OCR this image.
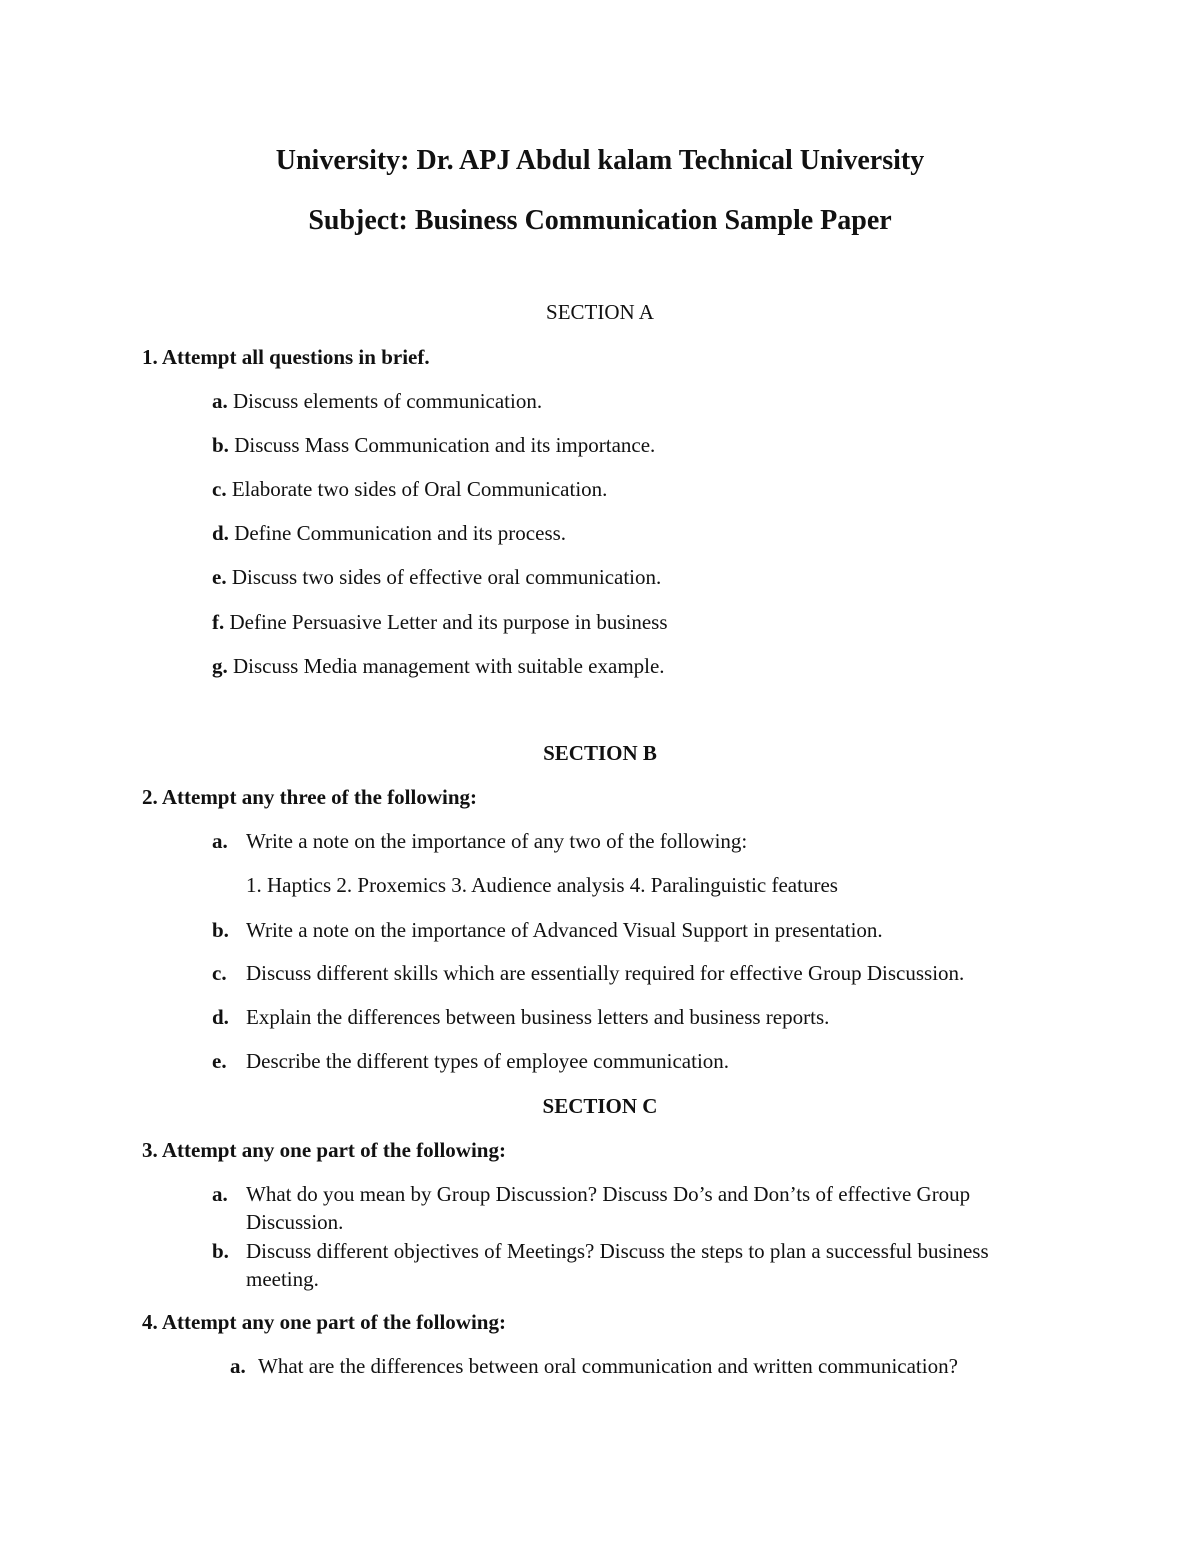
University: Dr. APJ Abdul kalam Technical University
Subject: Business Communication Sample Paper
SECTION A
1. Attempt all questions in brief.
a. Discuss elements of communication.
b. Discuss Mass Communication and its importance.
c. Elaborate two sides of Oral Communication.
d. Define Communication and its process.
e. Discuss two sides of effective oral communication.
f. Define Persuasive Letter and its purpose in business
g. Discuss Media management with suitable example.
SECTION B
2. Attempt any three of the following:
a. Write a note on the importance of any two of the following:
1. Haptics 2. Proxemics 3. Audience analysis 4. Paralinguistic features
b. Write a note on the importance of Advanced Visual Support in presentation.
c. Discuss different skills which are essentially required for effective Group Discussion.
d. Explain the differences between business letters and business reports.
e. Describe the different types of employee communication.
SECTION C
3. Attempt any one part of the following:
a. What do you mean by Group Discussion? Discuss Do’s and Don’ts of effective Group Discussion.
b. Discuss different objectives of Meetings? Discuss the steps to plan a successful business meeting.
4. Attempt any one part of the following:
a. What are the differences between oral communication and written communication?
